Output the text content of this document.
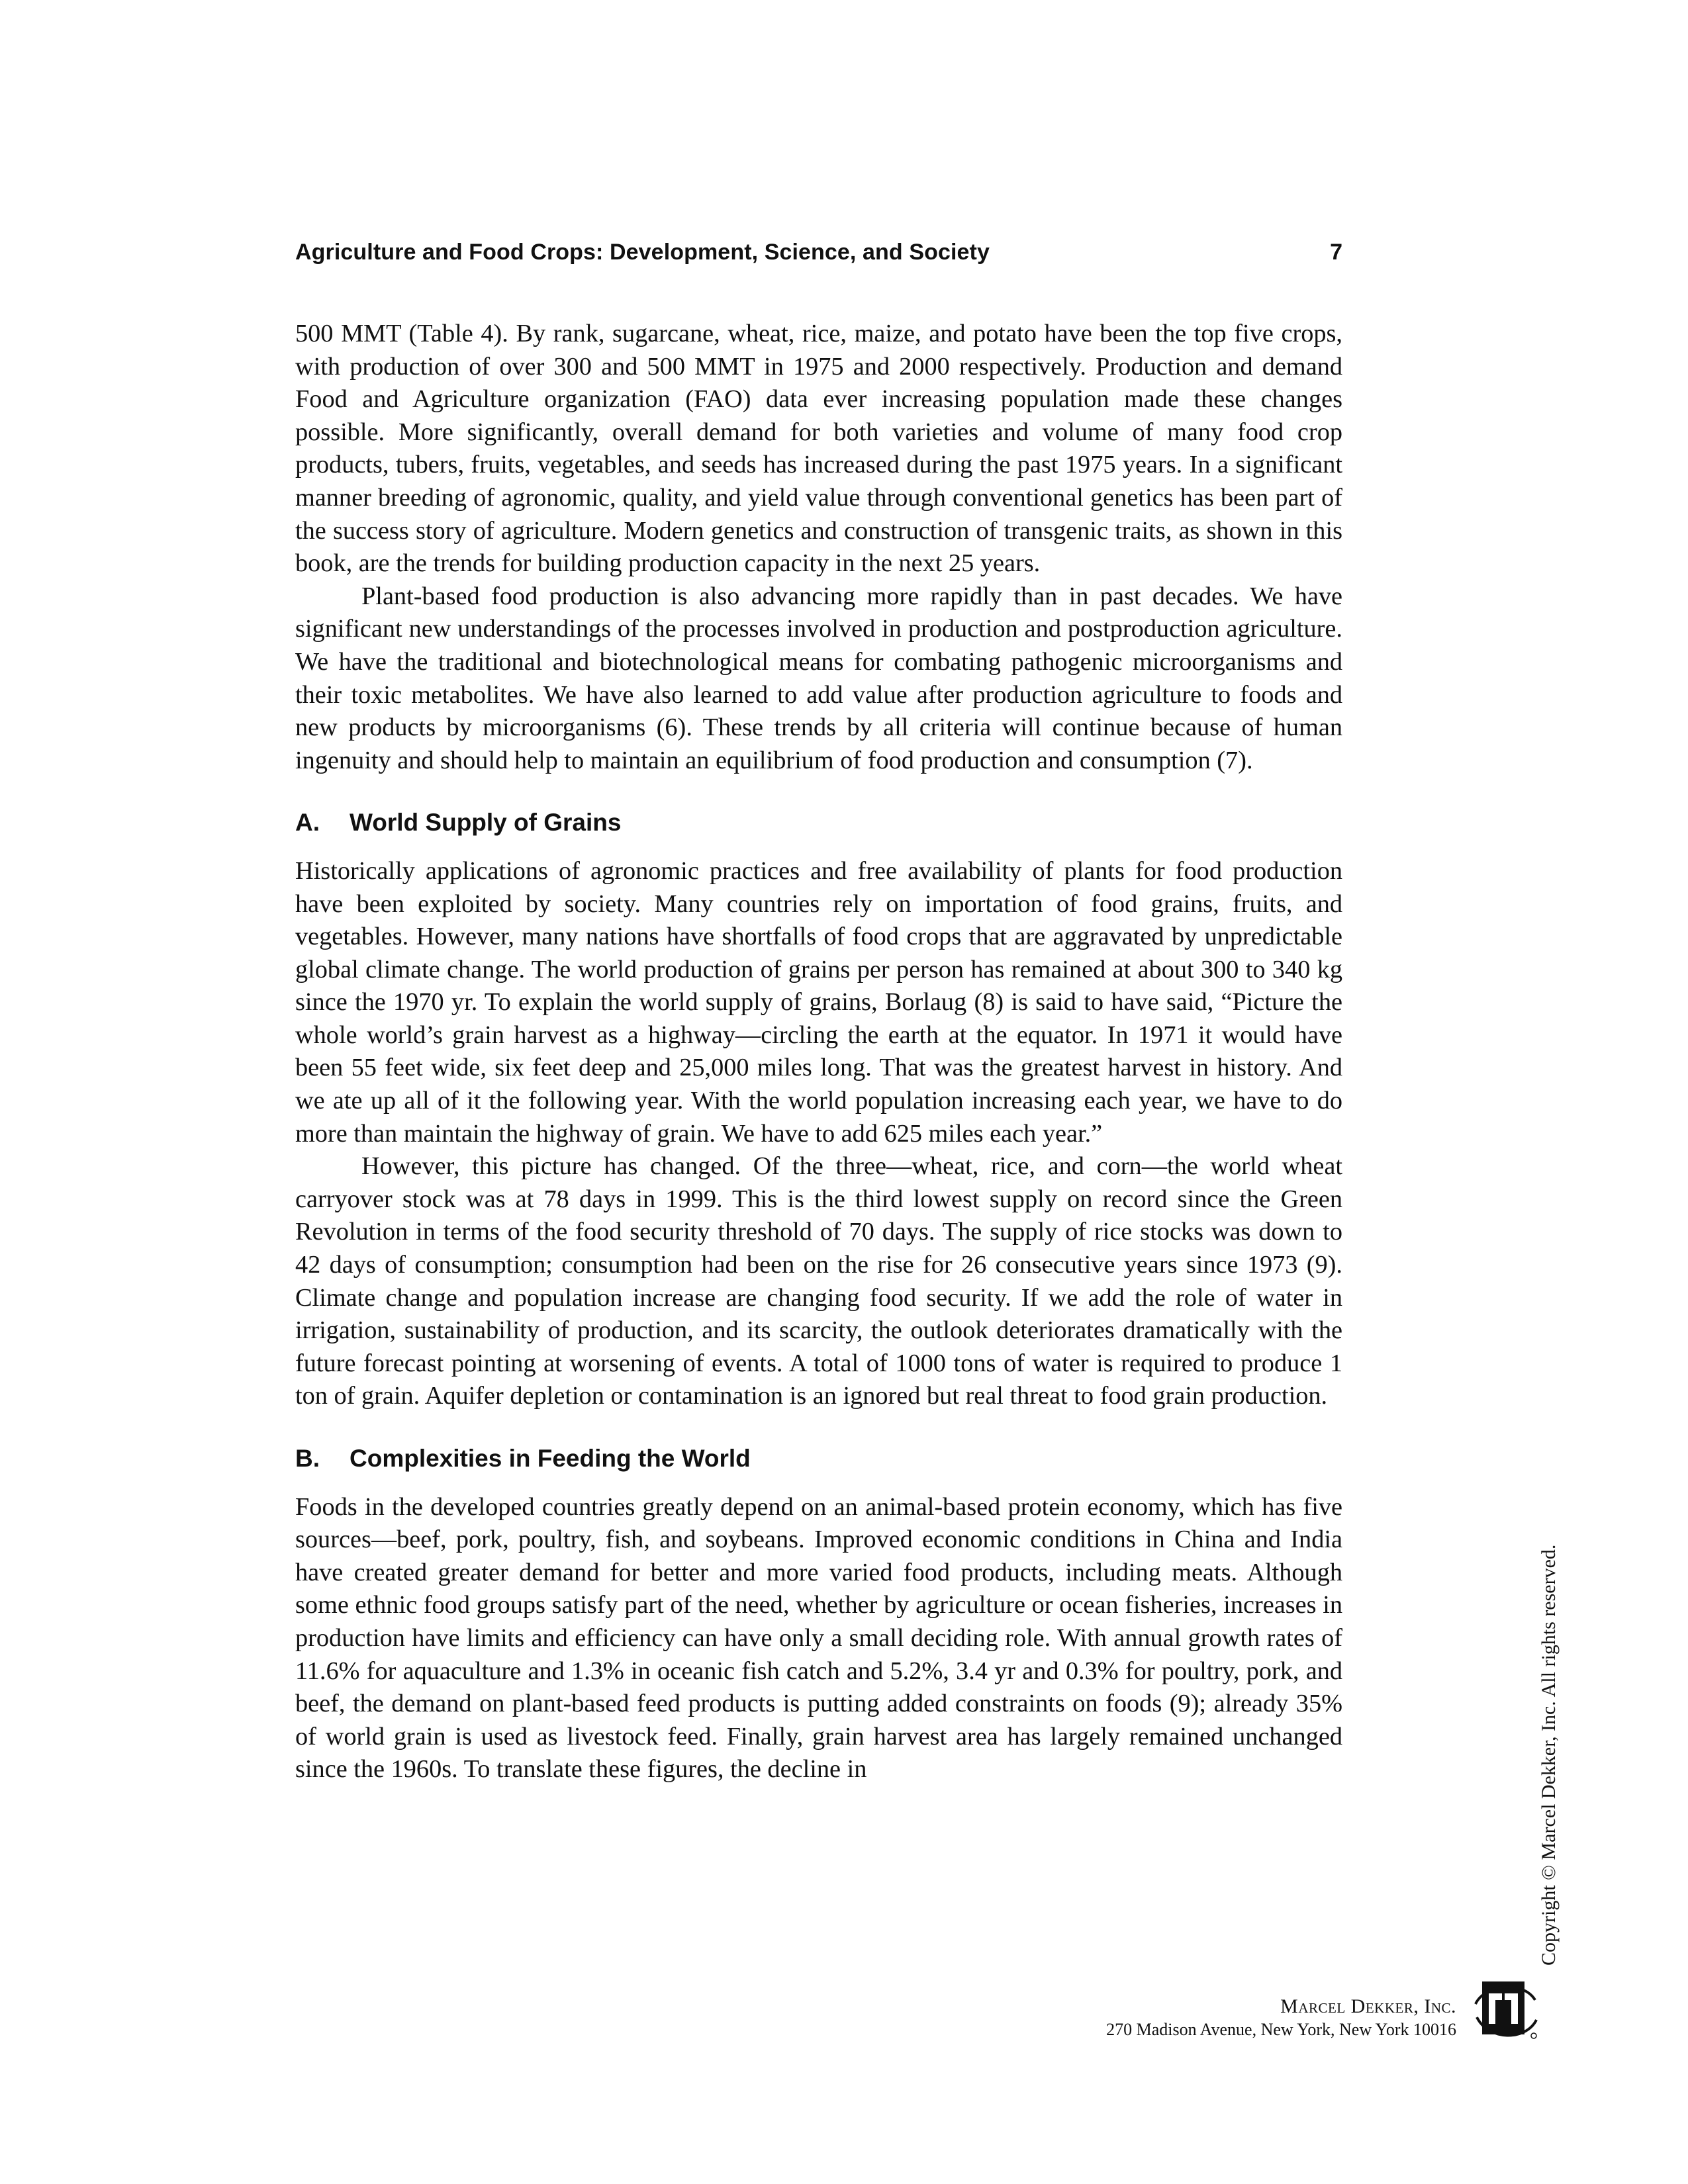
Agriculture and Food Crops: Development, Science, and Society	7

500 MMT (Table 4). By rank, sugarcane, wheat, rice, maize, and potato have been the top five crops, with production of over 300 and 500 MMT in 1975 and 2000 respectively. Production and demand Food and Agriculture organization (FAO) data ever increasing population made these changes possible. More significantly, overall demand for both varieties and volume of many food crop products, tubers, fruits, vegetables, and seeds has increased during the past 1975 years. In a significant manner breeding of agronomic, quality, and yield value through conventional genetics has been part of the success story of agriculture. Modern genetics and construction of transgenic traits, as shown in this book, are the trends for building production capacity in the next 25 years.

Plant-based food production is also advancing more rapidly than in past decades. We have significant new understandings of the processes involved in production and postproduction agriculture. We have the traditional and biotechnological means for combating pathogenic microorganisms and their toxic metabolites. We have also learned to add value after production agriculture to foods and new products by microorganisms (6). These trends by all criteria will continue because of human ingenuity and should help to maintain an equilibrium of food production and consumption (7).

A. World Supply of Grains

Historically applications of agronomic practices and free availability of plants for food production have been exploited by society. Many countries rely on importation of food grains, fruits, and vegetables. However, many nations have shortfalls of food crops that are aggravated by unpredictable global climate change. The world production of grains per person has remained at about 300 to 340 kg since the 1970 yr. To explain the world supply of grains, Borlaug (8) is said to have said, “Picture the whole world’s grain harvest as a highway—circling the earth at the equator. In 1971 it would have been 55 feet wide, six feet deep and 25,000 miles long. That was the greatest harvest in history. And we ate up all of it the following year. With the world population increasing each year, we have to do more than maintain the highway of grain. We have to add 625 miles each year.”

However, this picture has changed. Of the three—wheat, rice, and corn—the world wheat carryover stock was at 78 days in 1999. This is the third lowest supply on record since the Green Revolution in terms of the food security threshold of 70 days. The supply of rice stocks was down to 42 days of consumption; consumption had been on the rise for 26 consecutive years since 1973 (9). Climate change and population increase are changing food security. If we add the role of water in irrigation, sustainability of production, and its scarcity, the outlook deteriorates dramatically with the future forecast pointing at worsening of events. A total of 1000 tons of water is required to produce 1 ton of grain. Aquifer depletion or contamination is an ignored but real threat to food grain production.

B. Complexities in Feeding the World

Foods in the developed countries greatly depend on an animal-based protein economy, which has five sources—beef, pork, poultry, fish, and soybeans. Improved economic conditions in China and India have created greater demand for better and more varied food products, including meats. Although some ethnic food groups satisfy part of the need, whether by agriculture or ocean fisheries, increases in production have limits and efficiency can have only a small deciding role. With annual growth rates of 11.6% for aquaculture and 1.3% in oceanic fish catch and 5.2%, 3.4 yr and 0.3% for poultry, pork, and beef, the demand on plant-based feed products is putting added constraints on foods (9); already 35% of world grain is used as livestock feed. Finally, grain harvest area has largely remained unchanged since the 1960s. To translate these figures, the decline in	Copyright © Marcel Dekker, Inc. All rights reserved.
Marcel Dekker, Inc.
270 Madison Avenue, New York, New York 10016
